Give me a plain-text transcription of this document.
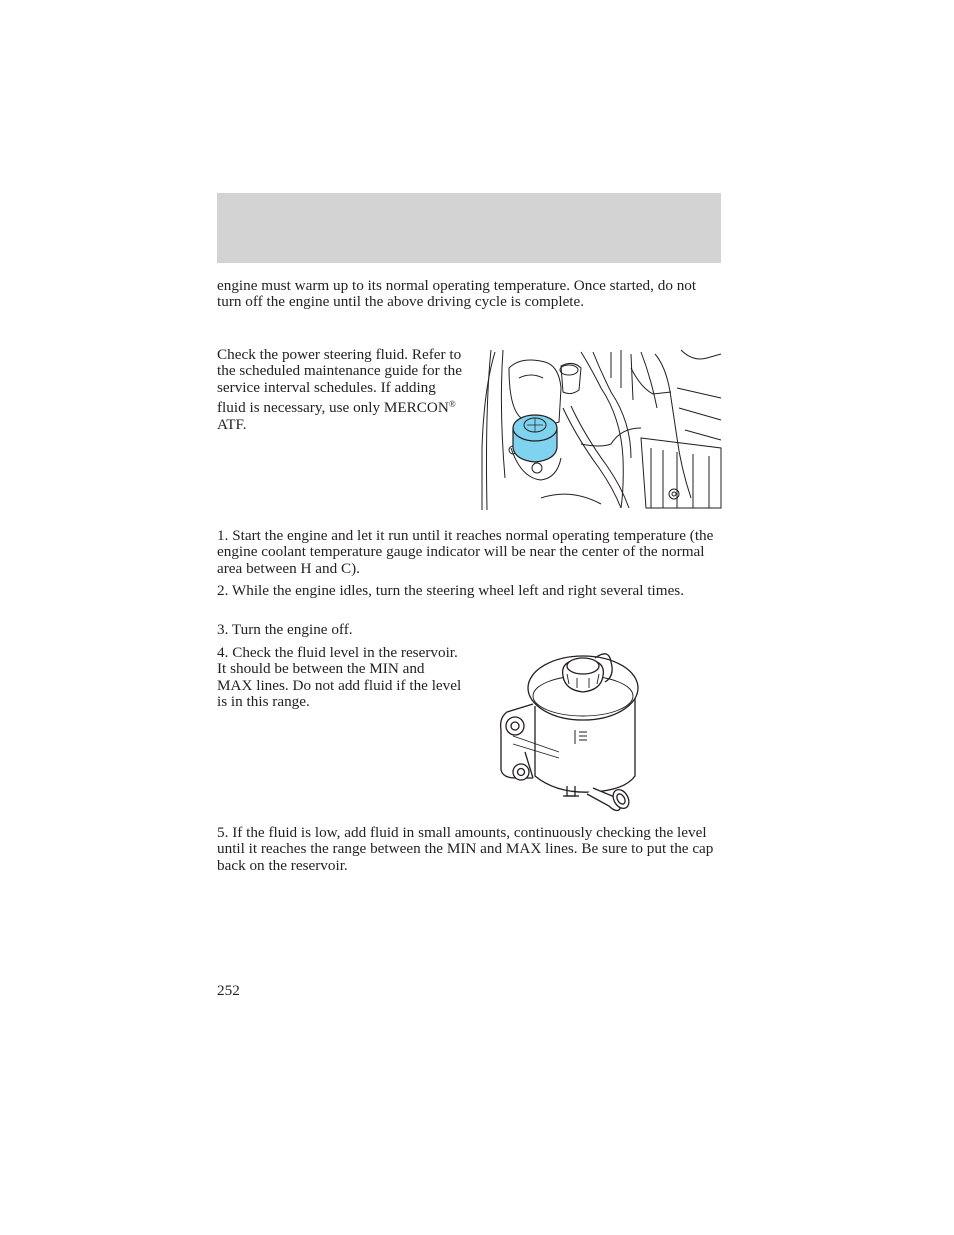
engine must warm up to its normal operating temperature. Once started, do not turn off the engine until the above driving cycle is complete.

Check the power steering fluid. Refer to the scheduled maintenance guide for the service interval schedules. If adding fluid is necessary, use only MERCON® ATF.

1. Start the engine and let it run until it reaches normal operating temperature (the engine coolant temperature gauge indicator will be near the center of the normal area between H and C).

2. While the engine idles, turn the steering wheel left and right several times.

3. Turn the engine off.

4. Check the fluid level in the reservoir. It should be between the MIN and MAX lines. Do not add fluid if the level is in this range.

5. If the fluid is low, add fluid in small amounts, continuously checking the level until it reaches the range between the MIN and MAX lines. Be sure to put the cap back on the reservoir.

252
